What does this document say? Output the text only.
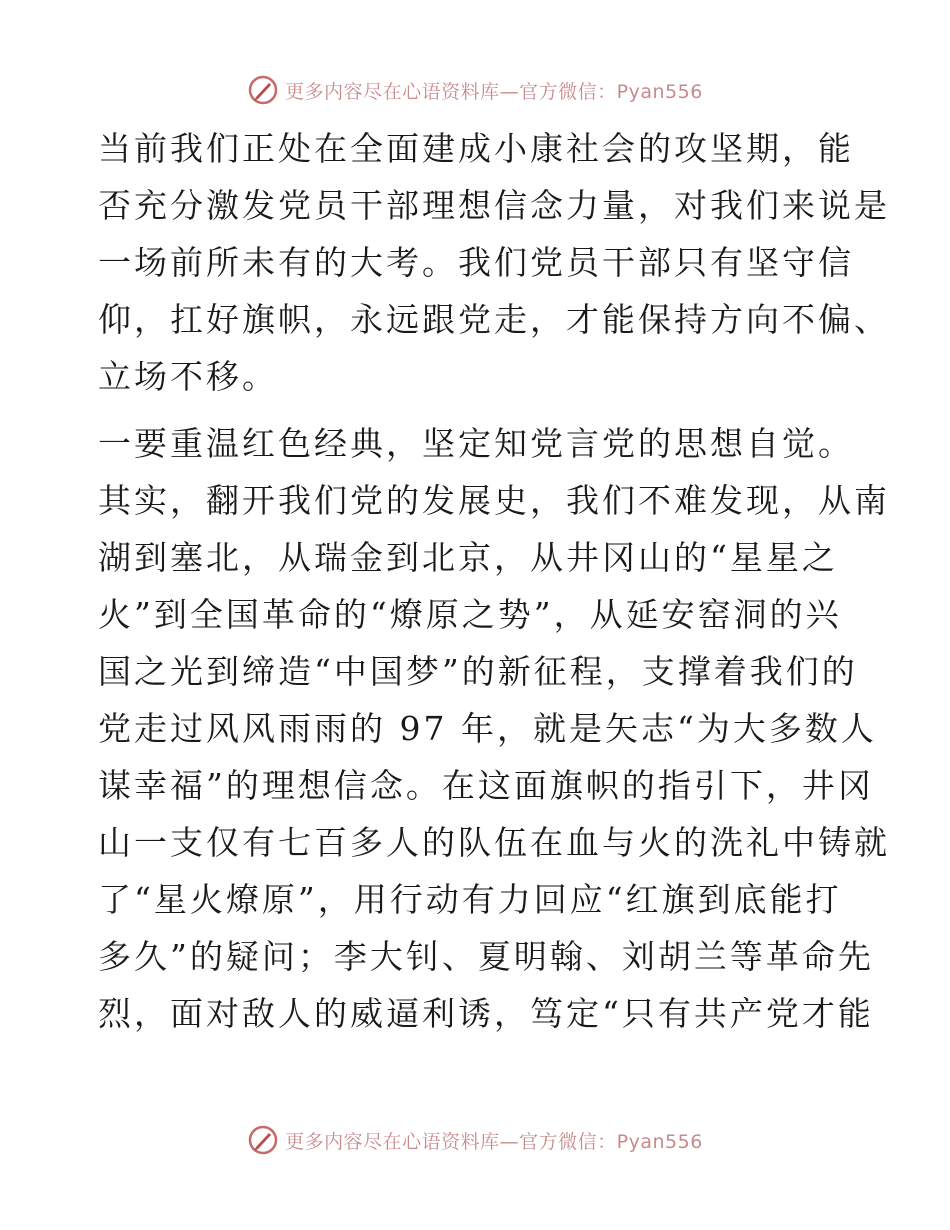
更多内容尽在心语资料库—官方微信：Pyan556
当前我们正处在全面建成小康社会的攻坚期，能
否充分激发党员干部理想信念力量，对我们来说是
一场前所未有的大考。我们党员干部只有坚守信
仰，扛好旗帜，永远跟党走，才能保持方向不偏、
立场不移。
一要重温红色经典，坚定知党言党的思想自觉。
其实，翻开我们党的发展史，我们不难发现，从南
湖到塞北，从瑞金到北京，从井冈山的“星星之
火”到全国革命的“燎原之势”，从延安窑洞的兴
国之光到缔造“中国梦”的新征程，支撑着我们的
党走过风风雨雨的 97 年，就是矢志“为大多数人
谋幸福”的理想信念。在这面旗帜的指引下，井冈
山一支仅有七百多人的队伍在血与火的洗礼中铸就
了“星火燎原”，用行动有力回应“红旗到底能打
多久”的疑问；李大钊、夏明翰、刘胡兰等革命先
烈，面对敌人的威逼利诱，笃定“只有共产党才能
更多内容尽在心语资料库—官方微信：Pyan556
